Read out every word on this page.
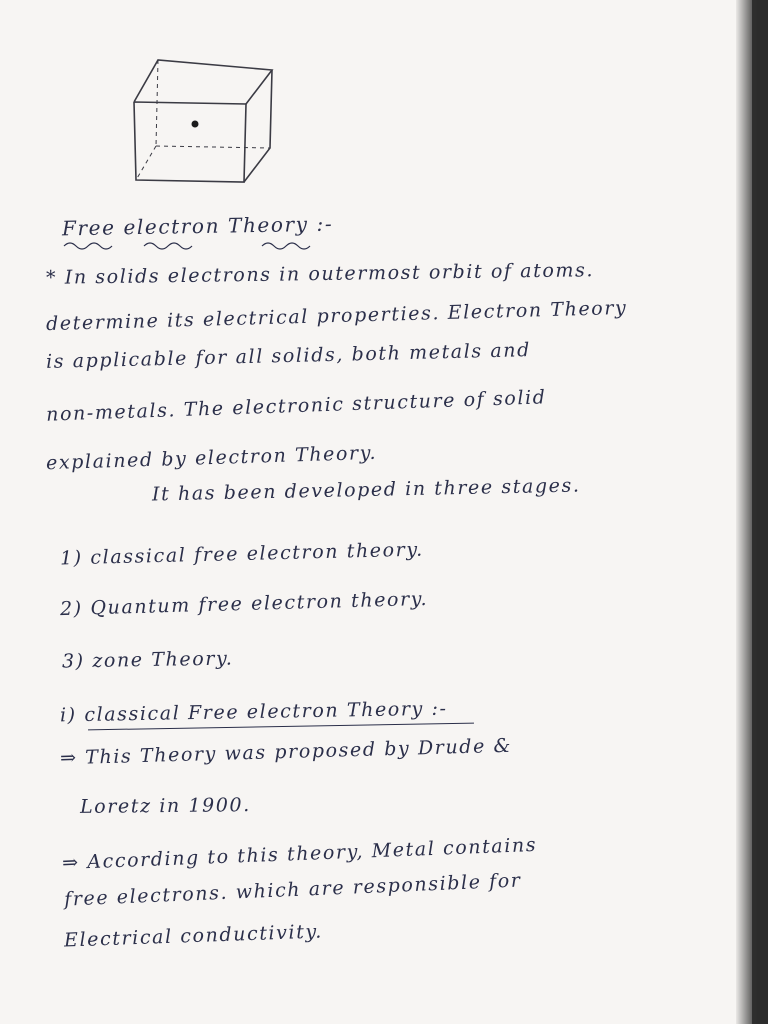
Free electron Theory :-
* In solids electrons in outermost orbit of atoms.
determine its electrical properties. Electron Theory
is applicable for all solids, both metals and
non-metals. The electronic structure of solid
explained by electron Theory.
It has been developed in three stages.
1) classical free electron theory.
2) Quantum free electron theory.
3) zone Theory.
i) classical Free electron Theory :-
⇒ This Theory was proposed by Drude &
Loretz in 1900.
⇒ According to this theory, Metal contains
free electrons. which are responsible for
Electrical conductivity.
